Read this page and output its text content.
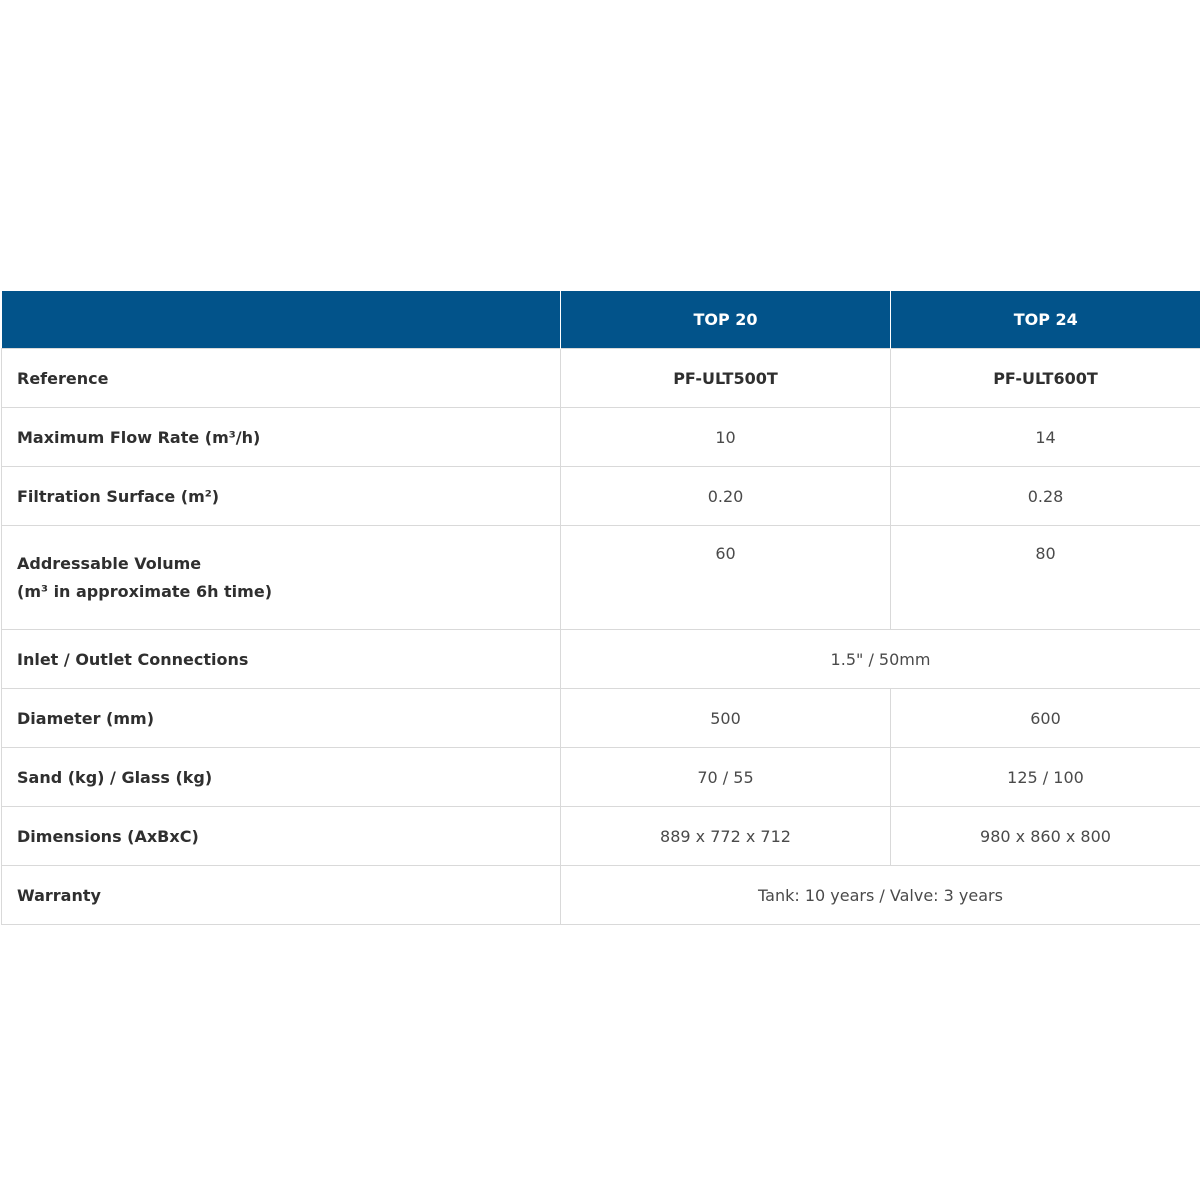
	TOP 20	TOP 24
Reference	PF-ULT500T	PF-ULT600T
Maximum Flow Rate (m³/h)	10	14
Filtration Surface (m²)	0.20	0.28

Addressable Volume
(m³ in approximate 6h time)	60	80
Inlet / Outlet Connections	1.5" / 50mm	
Diameter (mm)	500	600
Sand (kg) / Glass (kg)	70 / 55	125 / 100
Dimensions (AxBxC)	889 x 772 x 712	980 x 860 x 800
Warranty	Tank: 10 years / Valve: 3 years	
